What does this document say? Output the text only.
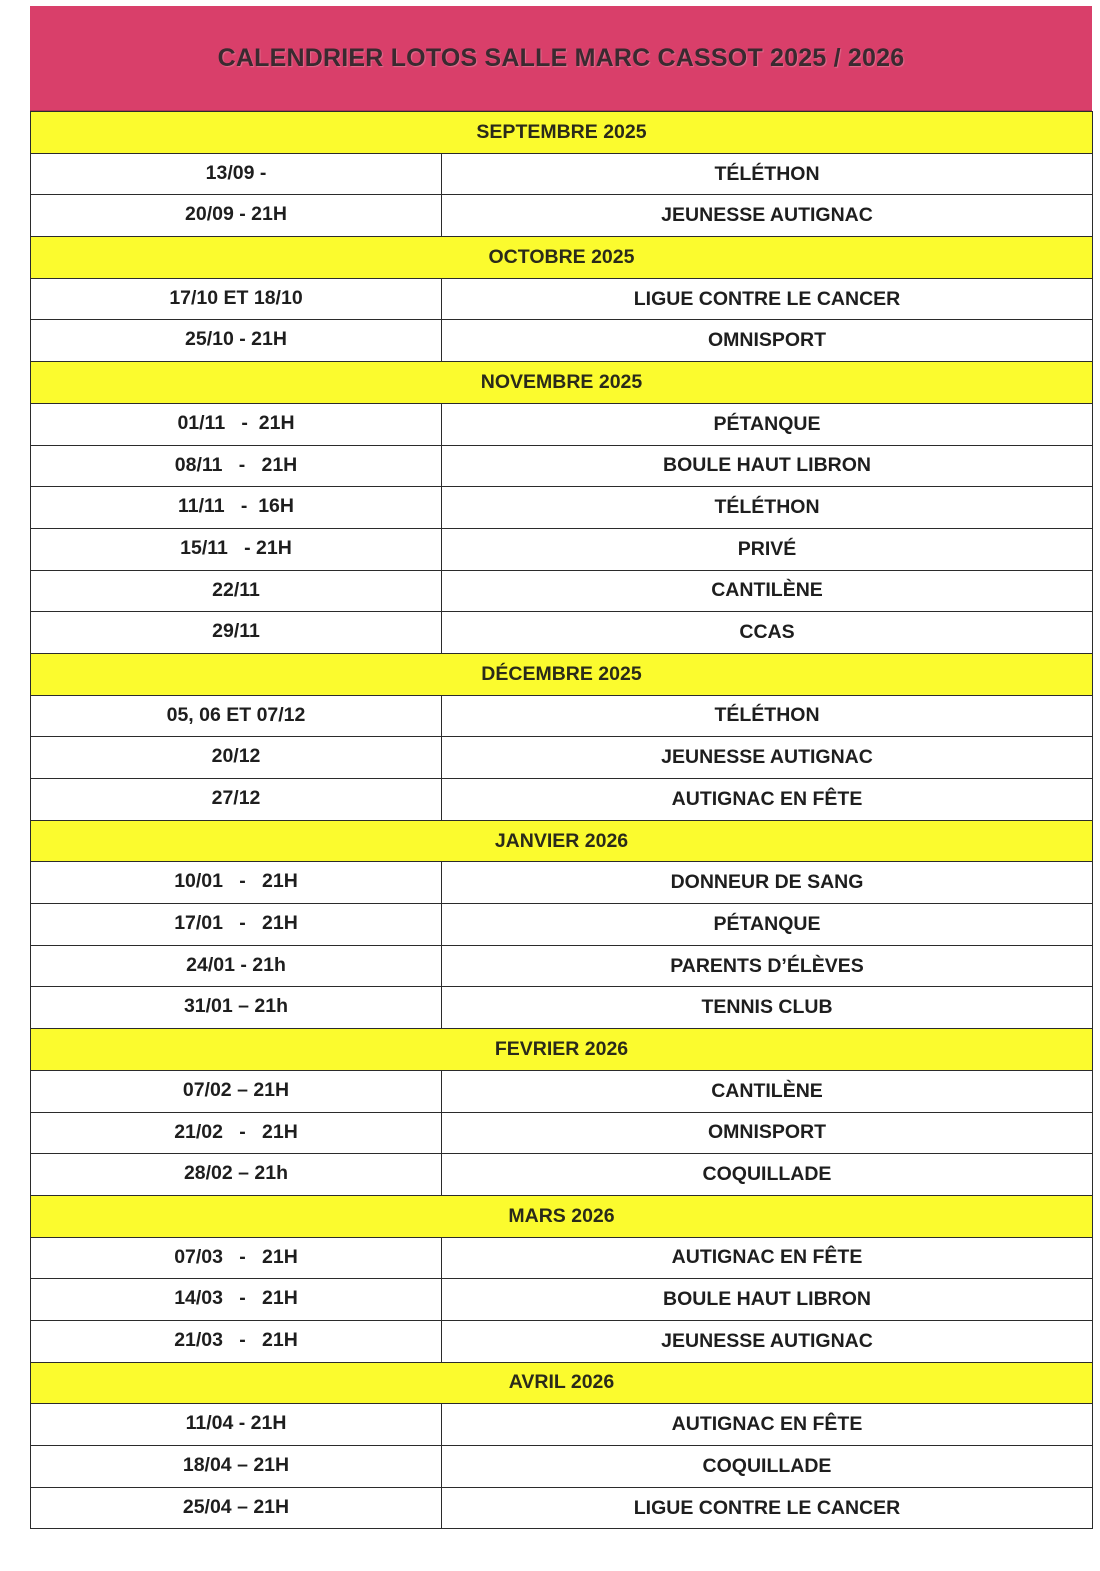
CALENDRIER LOTOS SALLE MARC CASSOT 2025 / 2026
SEPTEMBRE 2025	
13/09 -	TÉLÉTHON
20/09 - 21H	JEUNESSE AUTIGNAC
OCTOBRE 2025	
17/10 ET 18/10	LIGUE CONTRE LE CANCER
25/10 - 21H	OMNISPORT
NOVEMBRE 2025	
01/11   -  21H	PÉTANQUE
08/11   -   21H	BOULE HAUT LIBRON
11/11   -  16H	TÉLÉTHON
15/11   - 21H	PRIVÉ
22/11	CANTILÈNE
29/11	CCAS
DÉCEMBRE 2025	
05, 06 ET 07/12	TÉLÉTHON
20/12	JEUNESSE AUTIGNAC
27/12	AUTIGNAC EN FÊTE
JANVIER 2026	
10/01   -   21H	DONNEUR DE SANG
17/01   -   21H	PÉTANQUE
24/01 - 21h	PARENTS D’ÉLÈVES
31/01 – 21h	TENNIS CLUB
FEVRIER 2026	
07/02 – 21H	CANTILÈNE
21/02   -   21H	OMNISPORT
28/02 – 21h	COQUILLADE
MARS 2026	
07/03   -   21H	AUTIGNAC EN FÊTE
14/03   -   21H	BOULE HAUT LIBRON
21/03   -   21H	JEUNESSE AUTIGNAC
AVRIL 2026	
11/04 - 21H	AUTIGNAC EN FÊTE
18/04 – 21H	COQUILLADE
25/04 – 21H	LIGUE CONTRE LE CANCER
